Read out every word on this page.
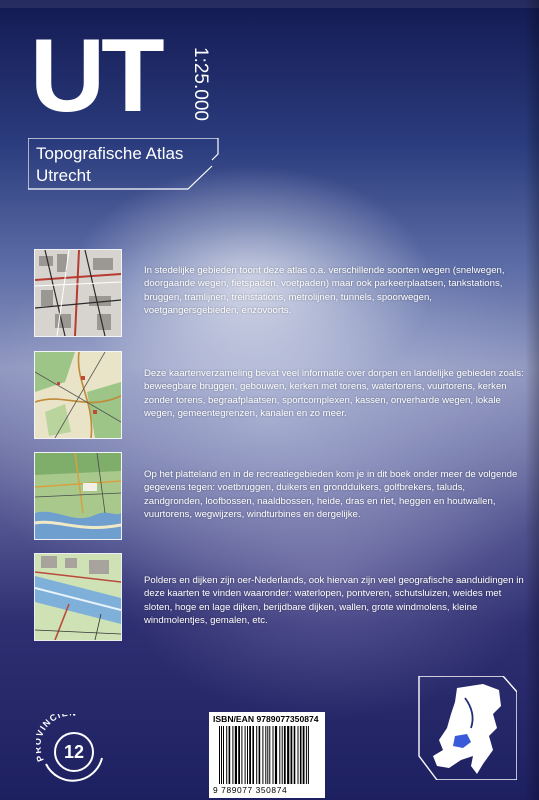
UT 1:25.000
Topografische Atlas
Utrecht

In stedelijke gebieden toont deze atlas o.a. verschillende soorten wegen (snelwegen, doorgaande wegen, fietspaden, voetpaden) maar ook parkeerplaatsen, tankstations, bruggen, tramlijnen, treinstations, metrolijnen, tunnels, spoorwegen, voetgangersgebieden, enzovoorts.

Deze kaartenverzameling bevat veel informatie over dorpen en landelijke gebieden zoals: beweegbare bruggen, gebouwen, kerken met torens, watertorens, vuurtorens, kerken zonder torens, begraafplaatsen, sportcomplexen, kassen, onverharde wegen, lokale wegen, gemeentegrenzen, kanalen en zo meer.

Op het platteland en in de recreatiegebieden kom je in dit boek onder meer de volgende gegevens tegen: voetbruggen, duikers en grondduikers, golfbrekers, taluds, zandgronden, loofbossen, naaldbossen, heide, dras en riet, heggen en houtwallen, vuurtorens, wegwijzers, windturbines en dergelijke.

Polders en dijken zijn oer-Nederlands, ook hiervan zijn veel geografische aanduidingen in deze kaarten te vinden waaronder: waterlopen, pontveren, schutsluizen, weides met sloten, hoge en lage dijken, berijdbare dijken, wallen, grote windmolens, kleine windmolentjes, gemalen, etc.

INCI
12
ISBN/EAN 9789077350874
9 789077 350874
